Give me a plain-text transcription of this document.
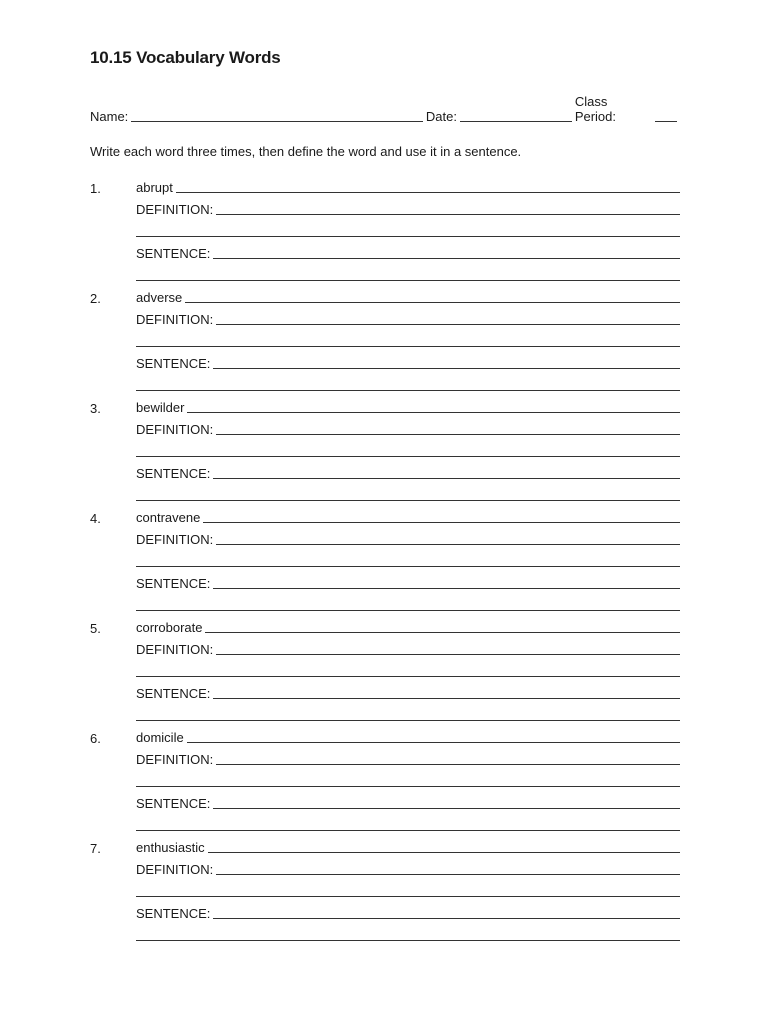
10.15 Vocabulary Words
Name:	Date:
Class Period:
Write each word three times, then define the word and use it in a sentence.
1.	abrupt
DEFINITION:
SENTENCE:
2.	adverse
DEFINITION:
SENTENCE:
3.	bewilder
DEFINITION:
SENTENCE:
4.	contravene
DEFINITION:
SENTENCE:
5.	corroborate
DEFINITION:
SENTENCE:
6.	domicile
DEFINITION:
SENTENCE:
7.	enthusiastic
DEFINITION:
SENTENCE:
